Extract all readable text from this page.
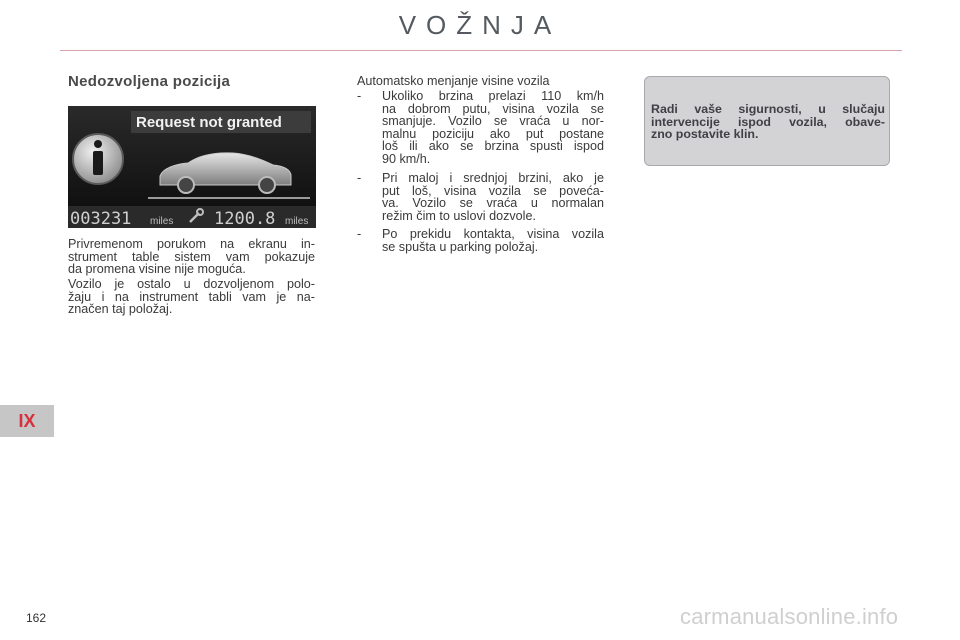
VOŽNJA
Nedozvoljena pozicija
Request not granted
003231 miles 1200.8 miles
Privremenom porukom na ekranu in-
strument table sistem vam pokazuje
da promena visine nije moguća.
Vozilo je ostalo u dozvoljenom polo-
žaju i na instrument tabli vam je na-
značen taj položaj.
Automatsko menjanje visine vozila
- Ukoliko brzina prelazi 110 km/h
na dobrom putu, visina vozila se
smanjuje. Vozilo se vraća u nor-
malnu poziciju ako put postane
loš ili ako se brzina spusti ispod
90 km/h.
- Pri maloj i srednjoj brzini, ako je
put loš, visina vozila se poveća-
va. Vozilo se vraća u normalan
režim čim to uslovi dozvole.
- Po prekidu kontakta, visina vozila
se spušta u parking položaj.
Radi vaše sigurnosti, u slučaju
intervencije ispod vozila, obave-
zno postavite klin.
IX
162	carmanualsonline.info
